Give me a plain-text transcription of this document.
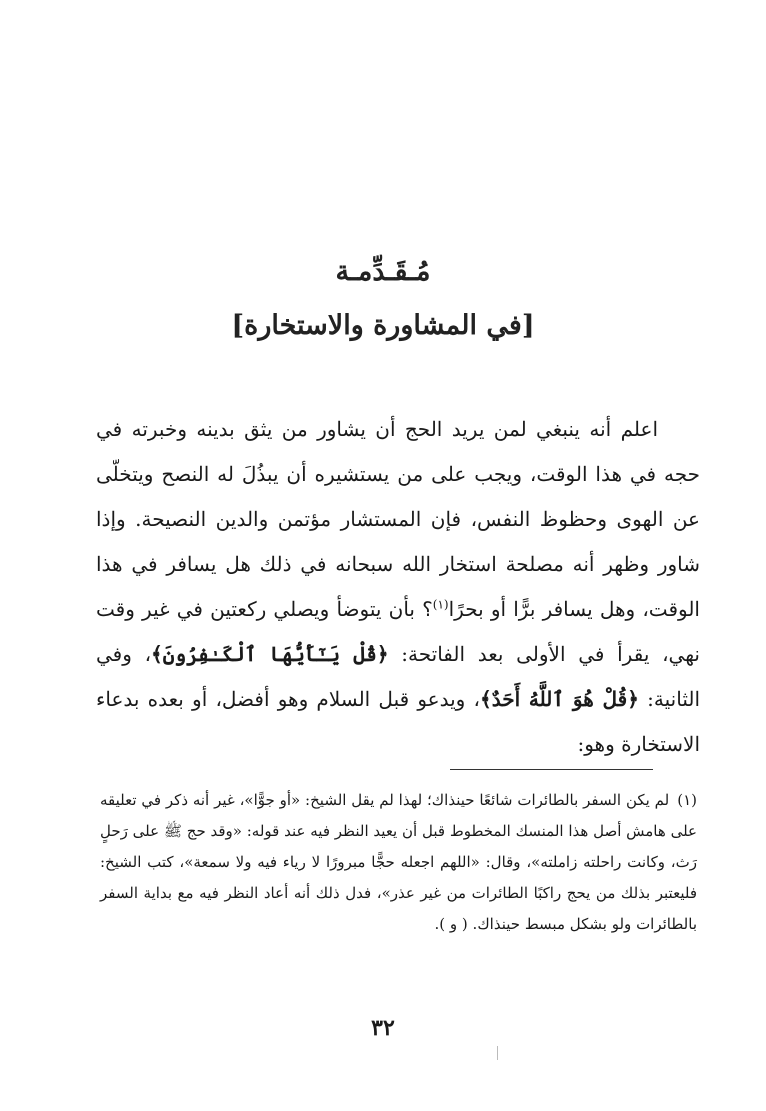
مُـقَـدِّمـة
[في المشاورة والاستخارة]

اعلم أنه ينبغي لمن يريد الحج أن يشاور من يثق بدينه وخبرته في حجه في هذا الوقت، ويجب على من يستشيره أن يبذُلَ له النصح ويتخلّى عن الهوى وحظوظ النفس، فإن المستشار مؤتمن والدين النصيحة. وإذا شاور وظهر أنه مصلحة استخار الله سبحانه في ذلك هل يسافر في هذا الوقت، وهل يسافر برًّا أو بحرًا$^{(١)}$؟ بأن يتوضأ ويصلي ركعتين في غير وقت نهي، يقرأ في الأولى بعد الفاتحة: ﴿قُلْ يَـٰٓأَيُّهَا ٱلْكَـٰفِرُونَ﴾، وفي الثانية: ﴿قُلْ هُوَ ٱللَّهُ أَحَدٌ﴾، ويدعو قبل السلام وهو أفضل، أو بعده بدعاء الاستخارة وهو:

(١)لم يكن السفر بالطائرات شائعًا حينذاك؛ لهذا لم يقل الشيخ: «أو جوًّا»، غير أنه ذكر في تعليقه على هامش أصل هذا المنسك المخطوط قبل أن يعيد النظر فيه عند قوله: «وقد حج ﷺ على رَحلٍ رَث، وكانت راحلته زاملته»، وقال: «اللهم اجعله حجًّا مبرورًا لا رياء فيه ولا سمعة»، كتب الشيخ: فليعتبر بذلك من يحج راكبًا الطائرات من غير عذر»، فدل ذلك أنه أعاد النظر فيه مع بداية السفر بالطائرات ولو بشكل مبسط حينذاك. ( و ).
٣٢
